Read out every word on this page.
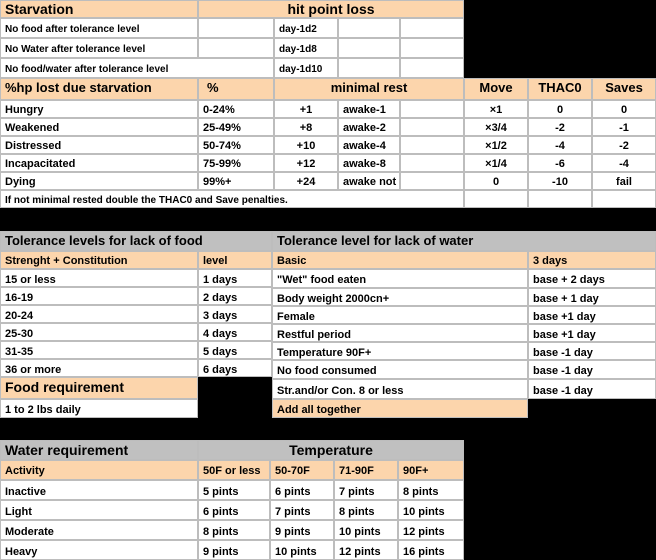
Starvation	hit point loss
No food after tolerance level	day-1d2
No Water after tolerance level	day-1d8
No food/water after tolerance level	day-1d10
%hp lost due starvation	%	minimal rest	Move	THAC0	Saves
Hungry	0-24%	+1	awake-1	×1	0	0
Weakened	25-49%	+8	awake-2	×3/4	-2	-1
Distressed	50-74%	+10	awake-4	×1/2	-4	-2
Incapacitated	75-99%	+12	awake-8	×1/4	-6	-4
Dying	99%+	+24	awake not	0	-10	fail
If not minimal rested double the THAC0 and Save penalties.
Tolerance levels for lack of food
Strenght + Constitution	level
15 or less	1 days
16-19	2 days
20-24	3 days
25-30	4 days
31-35	5 days
36 or more	6 days
Food requirement
1 to 2 lbs daily
Tolerance level for lack of water
Basic	3 days
"Wet" food eaten	base + 2 days
Body weight 2000cn+	base + 1 day
Female	base +1 day
Restful period	base +1 day
Temperature 90F+	base -1 day
No food consumed	base -1 day
Str.and/or Con. 8 or less	base -1 day
Add all together
Water requirement	Temperature
Activity	50F or less	50-70F	71-90F	90F+
Inactive	5 pints	6 pints	7 pints	8 pints
Light	6 pints	7 pints	8 pints	10 pints
Moderate	8 pints	9 pints	10 pints	12 pints
Heavy	9 pints	10 pints	12 pints	16 pints
